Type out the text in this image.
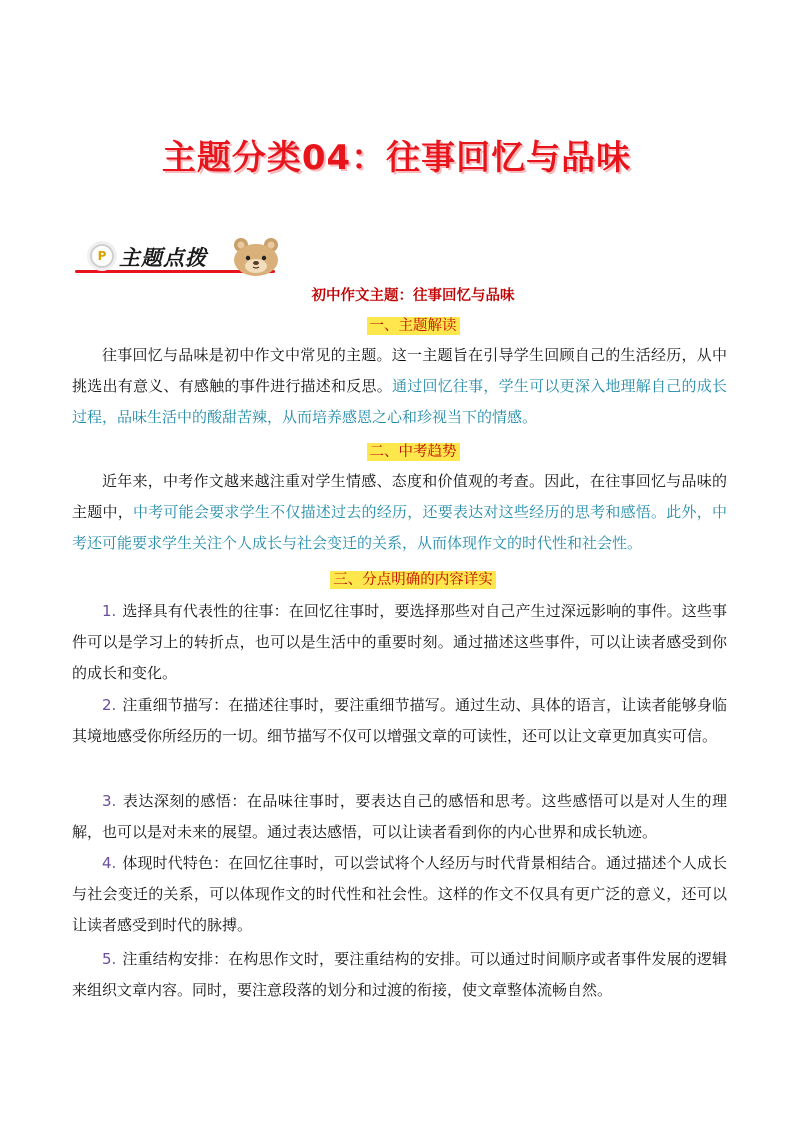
主题分类04：往事回忆与品味
P 主题点拨
初中作文主题：往事回忆与品味
一、主题解读

往事回忆与品味是初中作文中常见的主题。这一主题旨在引导学生回顾自己的生活经历，从中挑选出有意义、有感触的事件进行描述和反思。通过回忆往事，学生可以更深入地理解自己的成长过程，品味生活中的酸甜苦辣，从而培养感恩之心和珍视当下的情感。

二、中考趋势

近年来，中考作文越来越注重对学生情感、态度和价值观的考查。因此，在往事回忆与品味的主题中，中考可能会要求学生不仅描述过去的经历，还要表达对这些经历的思考和感悟。此外，中考还可能要求学生关注个人成长与社会变迁的关系，从而体现作文的时代性和社会性。

三、分点明确的内容详实

1. 选择具有代表性的往事：在回忆往事时，要选择那些对自己产生过深远影响的事件。这些事件可以是学习上的转折点，也可以是生活中的重要时刻。通过描述这些事件，可以让读者感受到你的成长和变化。

2. 注重细节描写：在描述往事时，要注重细节描写。通过生动、具体的语言，让读者能够身临其境地感受你所经历的一切。细节描写不仅可以增强文章的可读性，还可以让文章更加真实可信。

3. 表达深刻的感悟：在品味往事时，要表达自己的感悟和思考。这些感悟可以是对人生的理解，也可以是对未来的展望。通过表达感悟，可以让读者看到你的内心世界和成长轨迹。

4. 体现时代特色：在回忆往事时，可以尝试将个人经历与时代背景相结合。通过描述个人成长与社会变迁的关系，可以体现作文的时代性和社会性。这样的作文不仅具有更广泛的意义，还可以让读者感受到时代的脉搏。

5. 注重结构安排：在构思作文时，要注重结构的安排。可以通过时间顺序或者事件发展的逻辑来组织文章内容。同时，要注意段落的划分和过渡的衔接，使文章整体流畅自然。
